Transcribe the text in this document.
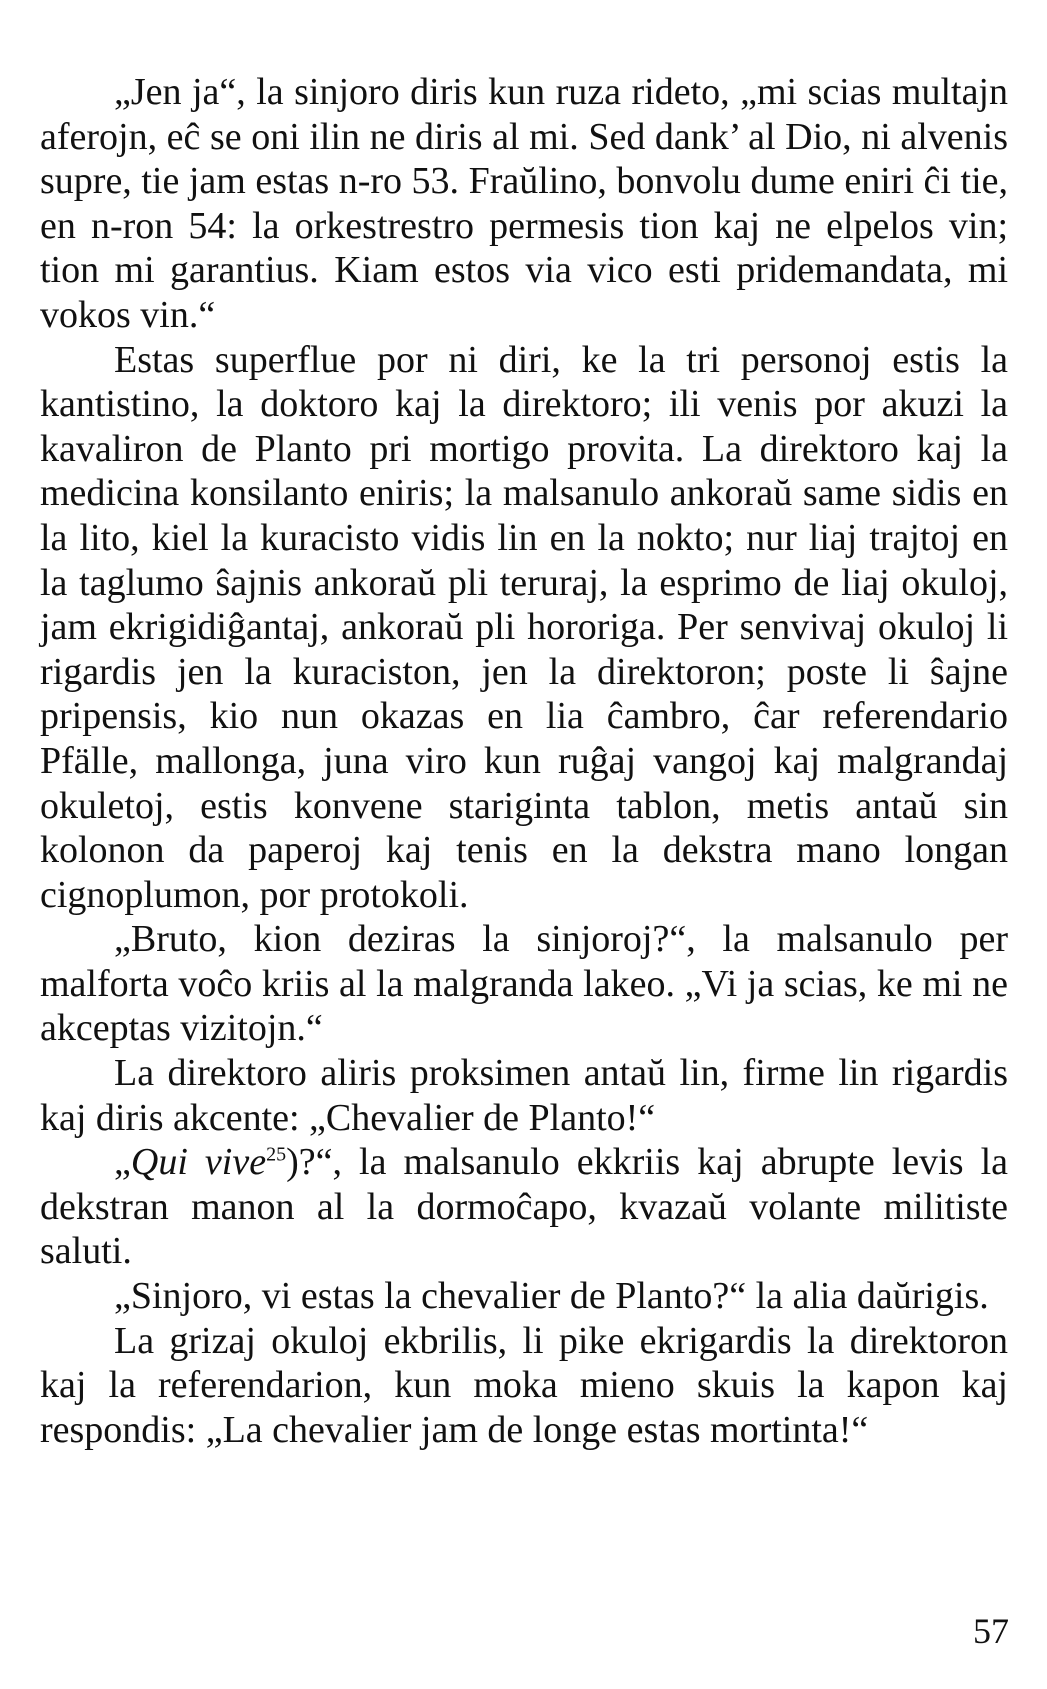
„Jen ja“, la sinjoro diris kun ruza rideto, „mi scias multajn aferojn, eĉ se oni ilin ne diris al mi. Sed dank’ al Dio, ni alvenis supre, tie jam estas n-ro 53. Fraŭlino, bonvolu dume eniri ĉi tie, en n-ron 54: la orkestrestro permesis tion kaj ne elpelos vin; tion mi garantius. Kiam estos via vico esti pridemandata, mi vokos vin.“

Estas superflue por ni diri, ke la tri personoj estis la kantistino, la doktoro kaj la direktoro; ili venis por akuzi la kavaliron de Planto pri mortigo provita. La direktoro kaj la medicina konsilanto eniris; la malsanulo ankoraŭ same sidis en la lito, kiel la kuracisto vidis lin en la nokto; nur liaj trajtoj en la taglumo ŝajnis ankoraŭ pli teruraj, la esprimo de liaj okuloj, jam ekrigidiĝantaj, ankoraŭ pli hororiga. Per senvivaj okuloj li rigardis jen la kuraciston, jen la direktoron; poste li ŝajne pripensis, kio nun okazas en lia ĉambro, ĉar referendario Pfälle, mallonga, juna viro kun ruĝaj vangoj kaj malgrandaj okuletoj, estis konvene stariginta tablon, metis antaŭ sin kolonon da paperoj kaj tenis en la dekstra mano longan cignoplumon, por protokoli.

„Bruto, kion deziras la sinjoroj?“, la malsanulo per malforta voĉo kriis al la malgranda lakeo. „Vi ja scias, ke mi ne akceptas vizitojn.“

La direktoro aliris proksimen antaŭ lin, firme lin rigardis kaj diris akcente: „Chevalier de Planto!“

„Qui vive$^{25}$)?“, la malsanulo ekkriis kaj abrupte levis la dekstran manon al la dormoĉapo, kvazaŭ volante militiste saluti.

„Sinjoro, vi estas la chevalier de Planto?“ la alia daŭrigis.

La grizaj okuloj ekbrilis, li pike ekrigardis la direktoron kaj la referendarion, kun moka mieno skuis la kapon kaj respondis: „La chevalier jam de longe estas mortinta!“

57
